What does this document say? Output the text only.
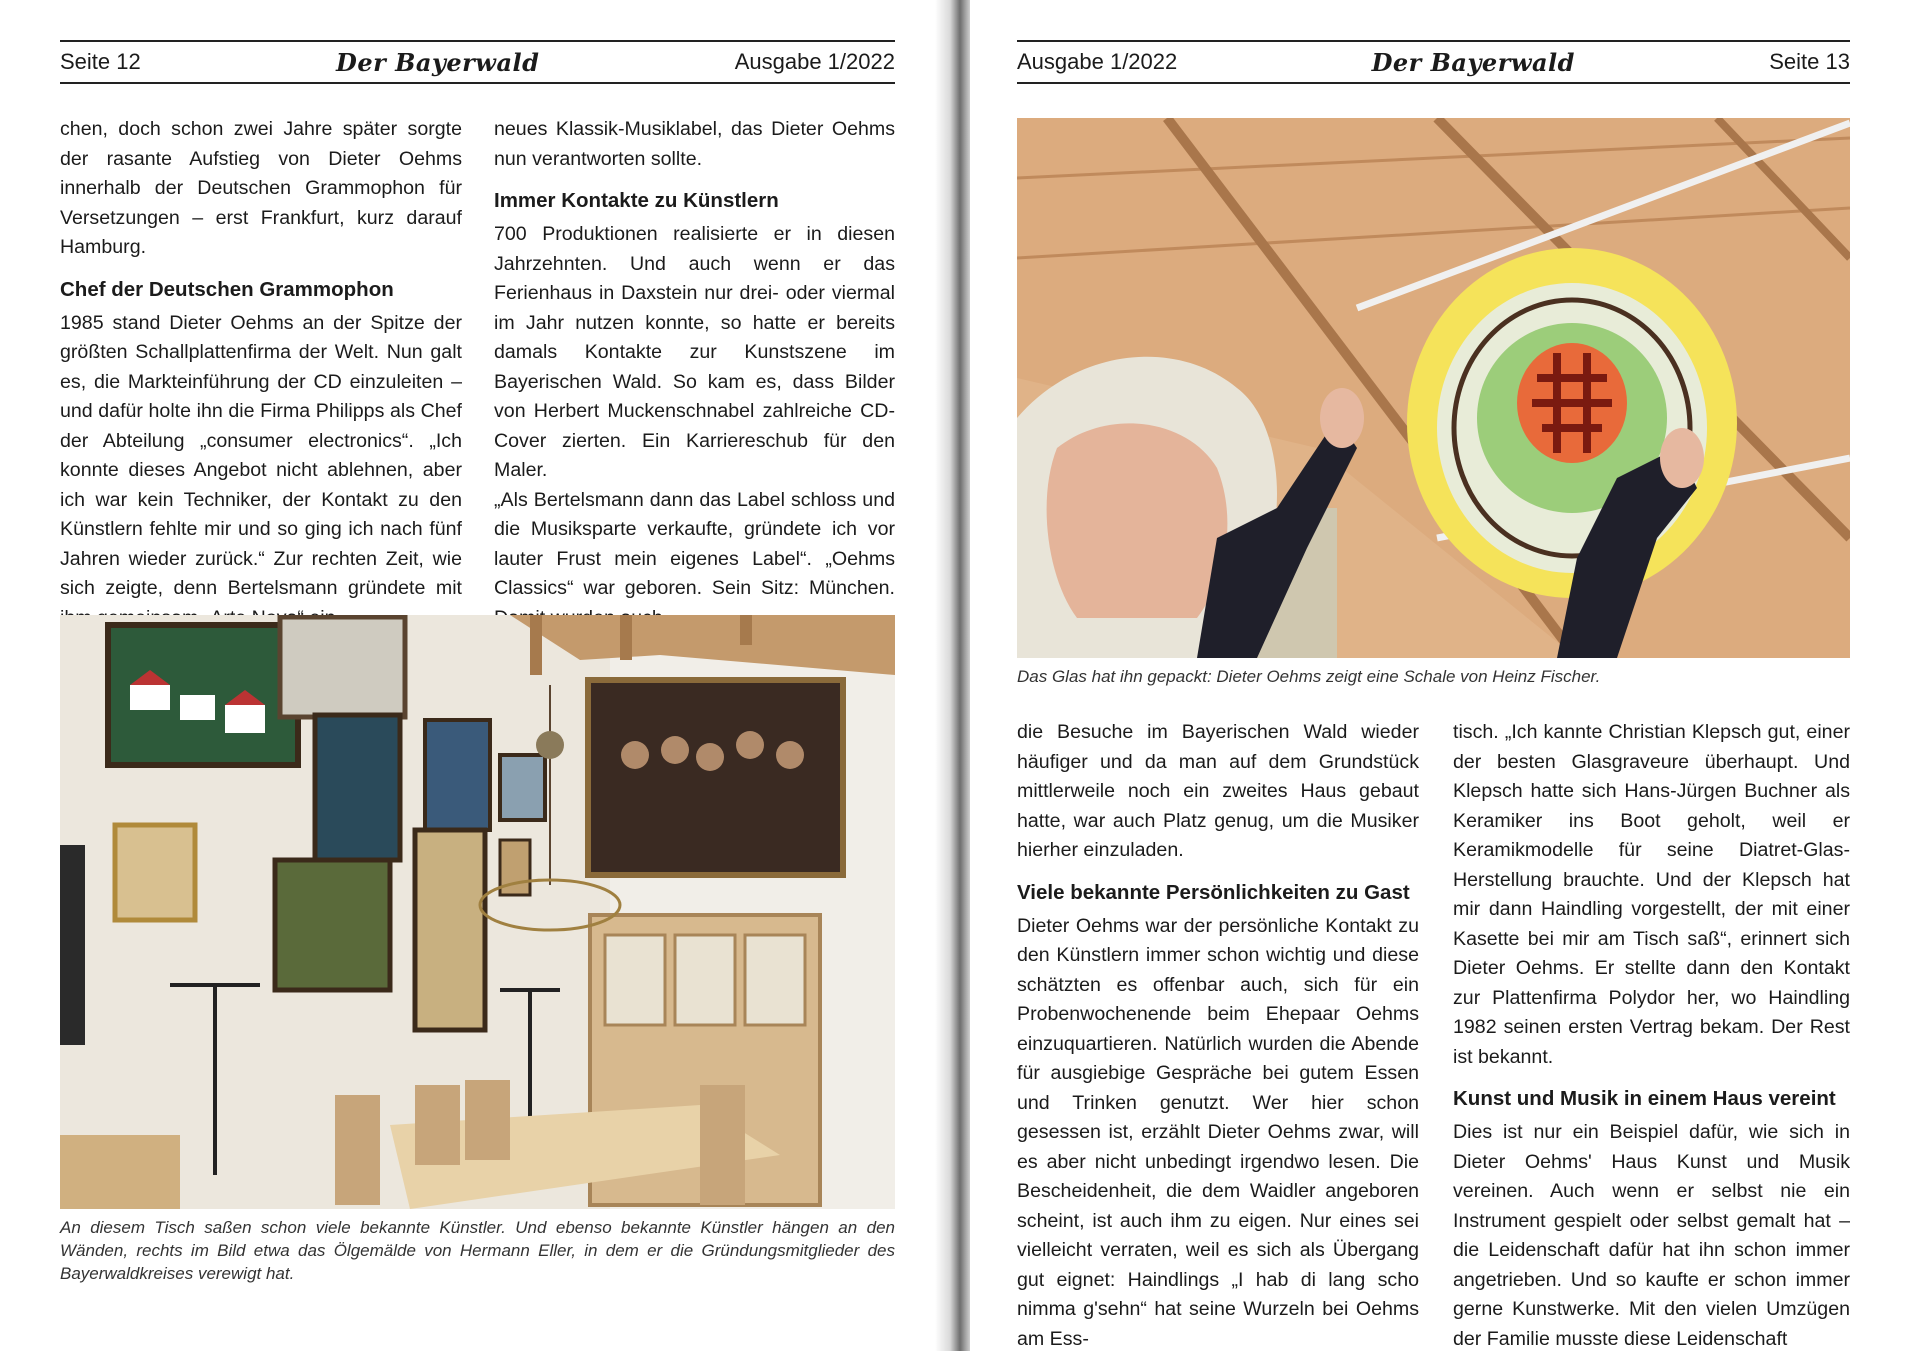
Seite 12	Der Bayerwald	Ausgabe 1/2022

chen, doch schon zwei Jahre später sorgte der rasante Aufstieg von Dieter Oehms innerhalb der Deutschen Grammophon für Versetzungen – erst Frankfurt, kurz darauf Hamburg.

Chef der Deutschen Grammophon

1985 stand Dieter Oehms an der Spitze der größten Schallplattenfirma der Welt. Nun galt es, die Markteinführung der CD einzuleiten – und dafür holte ihn die Firma Philipps als Chef der Abteilung „consumer electronics“. „Ich konnte dieses Angebot nicht ablehnen, aber ich war kein Techniker, der Kontakt zu den Künstlern fehlte mir und so ging ich nach fünf Jahren wieder zurück.“ Zur rechten Zeit, wie sich zeigte, denn Bertelsmann gründete mit

neues Klassik-Musiklabel, das Dieter Oehms nun verantworten sollte.

Immer Kontakte zu Künstlern

700 Produktionen realisierte er in diesen Jahrzehnten. Und auch wenn er das Ferienhaus in Daxstein nur drei- oder viermal im Jahr nutzen konnte, so hatte er bereits damals Kontakte zur Kunstszene im Bayerischen Wald. So kam es, dass Bilder von Herbert Muckenschnabel zahlreiche CD-Cover zierten. Ein Karriereschub für den Maler.

„Als Bertelsmann dann das Label schloss und die Musiksparte verkaufte, gründete ich vor lauter Frust mein eigenes Label“. „Oehms Classics“ war geboren. Sein Sitz: München.

An diesem Tisch saßen schon viele bekannte Künstler. Und ebenso bekannte Künstler hängen an den Wänden, rechts im Bild etwa das Ölgemälde von Hermann Eller, in dem er die Gründungsmitglieder des Bayerwaldkreises verewigt hat.
Ausgabe 1/2022	Der Bayerwald	Seite 13
Das Glas hat ihn gepackt: Dieter Oehms zeigt eine Schale von Heinz Fischer.

die Besuche im Bayerischen Wald wieder häufiger und da man auf dem Grundstück mittlerweile noch ein zweites Haus gebaut hatte, war auch Platz genug, um die Musiker hierher einzuladen.

Viele bekannte Persönlichkeiten zu Gast

Dieter Oehms war der persönliche Kontakt zu den Künstlern immer schon wichtig und diese schätzten es offenbar auch, sich für ein Probenwochenende beim Ehepaar Oehms einzuquartieren. Natürlich wurden die Abende für ausgiebige Gespräche bei gutem Essen und Trinken genutzt. Wer hier schon gesessen ist, erzählt Dieter Oehms zwar, will es aber nicht unbedingt irgendwo lesen. Die Bescheidenheit, die dem Waidler angeboren scheint, ist auch ihm zu eigen. Nur eines sei vielleicht verraten, weil es sich als Übergang gut eignet: Haindlings „I hab di lang scho nimma g'sehn“ hat seine Wurzeln bei Oehms am Ess-

tisch. „Ich kannte Christian Klepsch gut, einer der besten Glasgraveure überhaupt. Und Klepsch hatte sich Hans-Jürgen Buchner als Keramiker ins Boot geholt, weil er Keramikmodelle für seine Diatret-Glas-Herstellung brauchte. Und der Klepsch hat mir dann Haindling vorgestellt, der mit einer Kasette bei mir am Tisch saß“, erinnert sich Dieter Oehms. Er stellte dann den Kontakt zur Plattenfirma Polydor her, wo Haindling 1982 seinen ersten Vertrag bekam. Der Rest ist bekannt.

Kunst und Musik in einem Haus vereint

Dies ist nur ein Beispiel dafür, wie sich in Dieter Oehms' Haus Kunst und Musik vereinen. Auch wenn er selbst nie ein Instrument gespielt oder selbst gemalt hat – die Leidenschaft dafür hat ihn schon immer angetrieben. Und so kaufte er schon immer gerne Kunstwerke. Mit den vielen Umzügen der Familie musste diese Leidenschaft
